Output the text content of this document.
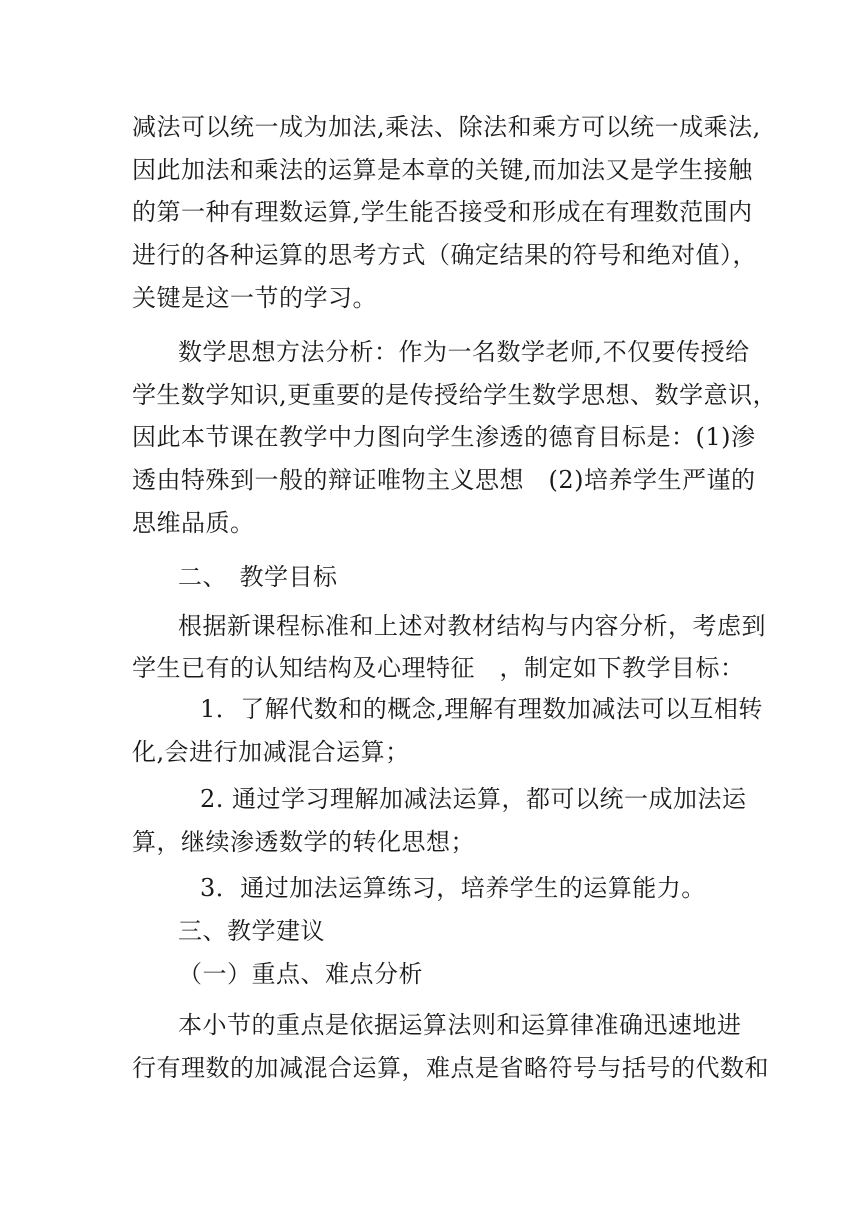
减法可以统一成为加法,乘法、除法和乘方可以统一成乘法,
因此加法和乘法的运算是本章的关键,而加法又是学生接触
的第一种有理数运算,学生能否接受和形成在有理数范围内
进行的各种运算的思考方式（确定结果的符号和绝对值），
关键是这一节的学习。
数学思想方法分析：作为一名数学老师,不仅要传授给
学生数学知识,更重要的是传授给学生数学思想、数学意识，
因此本节课在教学中力图向学生渗透的德育目标是：(1)渗
透由特殊到一般的辩证唯物主义思想　(2)培养学生严谨的
思维品质。
二、　教学目标
根据新课程标准和上述对教材结构与内容分析，考虑到
学生已有的认知结构及心理特征　，制定如下教学目标：
1．了解代数和的概念,理解有理数加减法可以互相转
化,会进行加减混合运算；
2. 通过学习理解加减法运算，都可以统一成加法运
算，继续渗透数学的转化思想；
3．通过加法运算练习，培养学生的运算能力。
三、教学建议
（一）重点、难点分析
本小节的重点是依据运算法则和运算律准确迅速地进
行有理数的加减混合运算，难点是省略符号与括号的代数和
